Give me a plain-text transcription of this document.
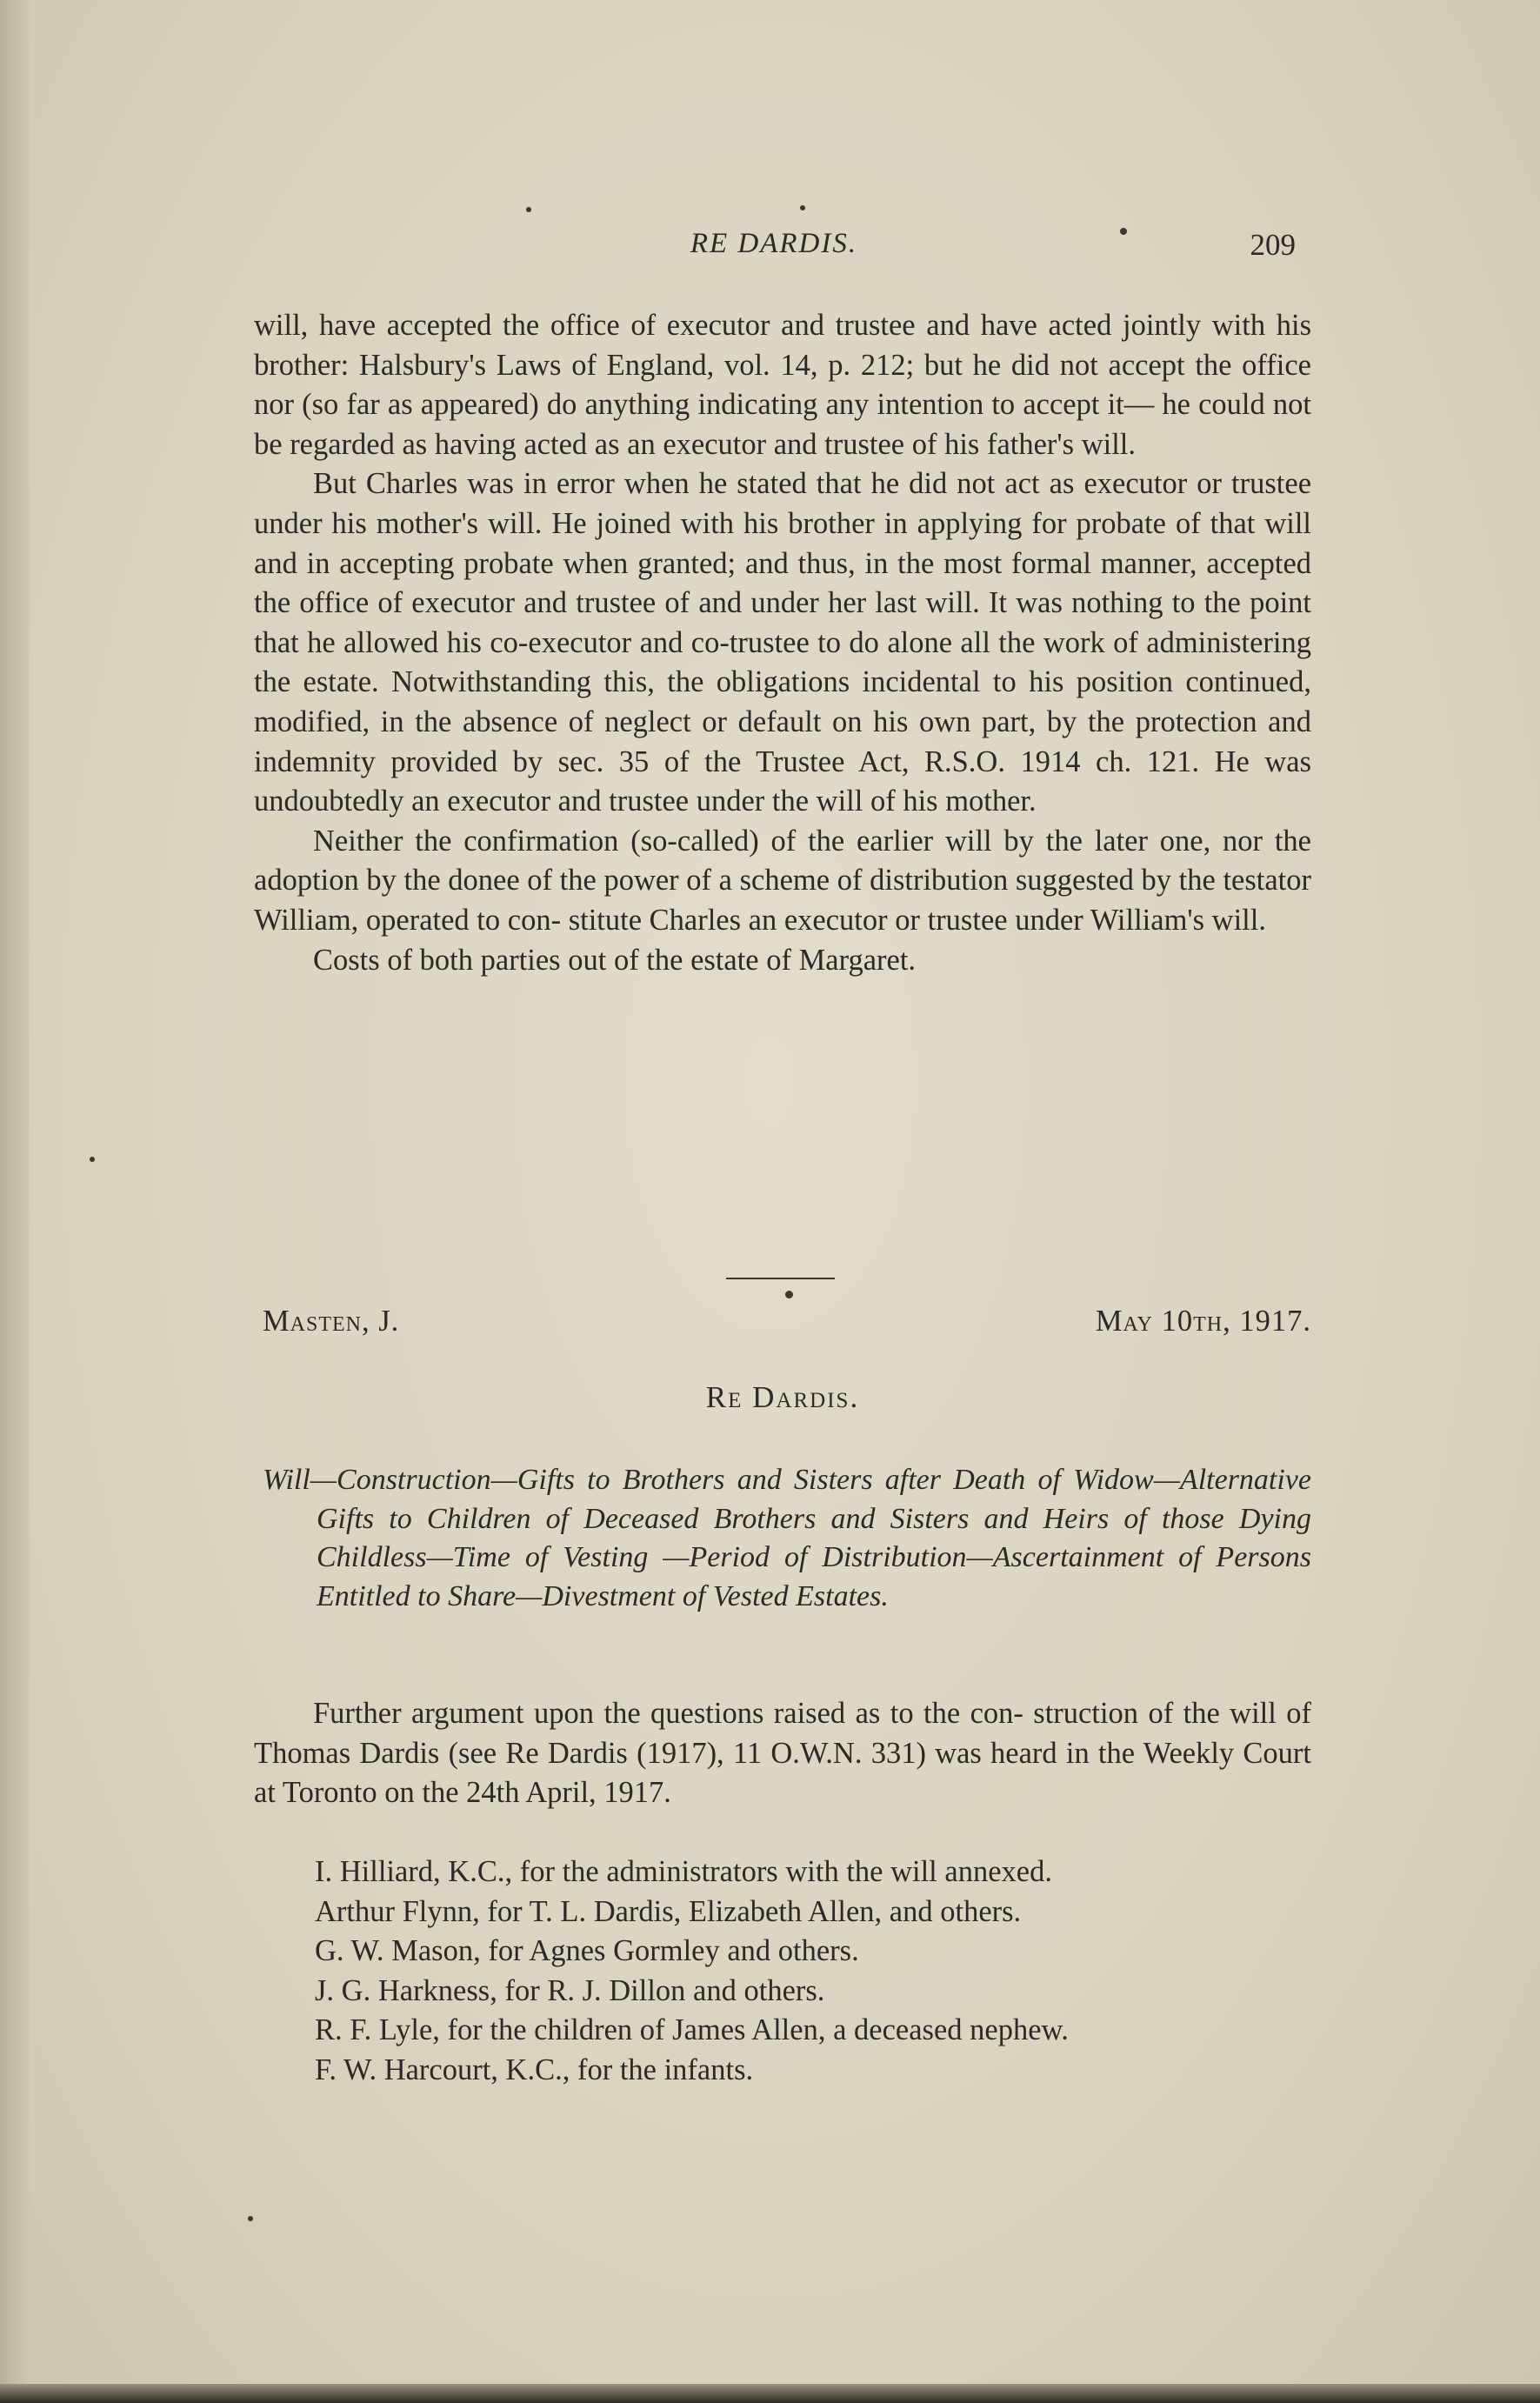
RE DARDIS.	209

will, have accepted the office of executor and trustee and have acted jointly with his brother: Halsbury's Laws of England, vol. 14, p. 212; but he did not accept the office nor (so far as appeared) do anything indicating any intention to accept it— he could not be regarded as having acted as an executor and trustee of his father's will.

But Charles was in error when he stated that he did not act as executor or trustee under his mother's will. He joined with his brother in applying for probate of that will and in accepting probate when granted; and thus, in the most formal manner, accepted the office of executor and trustee of and under her last will. It was nothing to the point that he allowed his co-executor and co-trustee to do alone all the work of administering the estate. Notwithstanding this, the obligations incidental to his position continued, modified, in the absence of neglect or default on his own part, by the protection and indemnity provided by sec. 35 of the Trustee Act, R.S.O. 1914 ch. 121. He was undoubtedly an executor and trustee under the will of his mother.

Neither the confirmation (so-called) of the earlier will by the later one, nor the adoption by the donee of the power of a scheme of distribution suggested by the testator William, operated to con- stitute Charles an executor or trustee under William's will.

Costs of both parties out of the estate of Margaret.

Masten, J.	May 10th, 1917.
Re Dardis.
Will—Construction—Gifts to Brothers and Sisters after Death of Widow—Alternative Gifts to Children of Deceased Brothers and Sisters and Heirs of those Dying Childless—Time of Vesting —Period of Distribution—Ascertainment of Persons Entitled to Share—Divestment of Vested Estates.

Further argument upon the questions raised as to the con- struction of the will of Thomas Dardis (see Re Dardis (1917), 11 O.W.N. 331) was heard in the Weekly Court at Toronto on the 24th April, 1917.

I. Hilliard, K.C., for the administrators with the will annexed.
Arthur Flynn, for T. L. Dardis, Elizabeth Allen, and others.
G. W. Mason, for Agnes Gormley and others.
J. G. Harkness, for R. J. Dillon and others.
R. F. Lyle, for the children of James Allen, a deceased nephew.
F. W. Harcourt, K.C., for the infants.
